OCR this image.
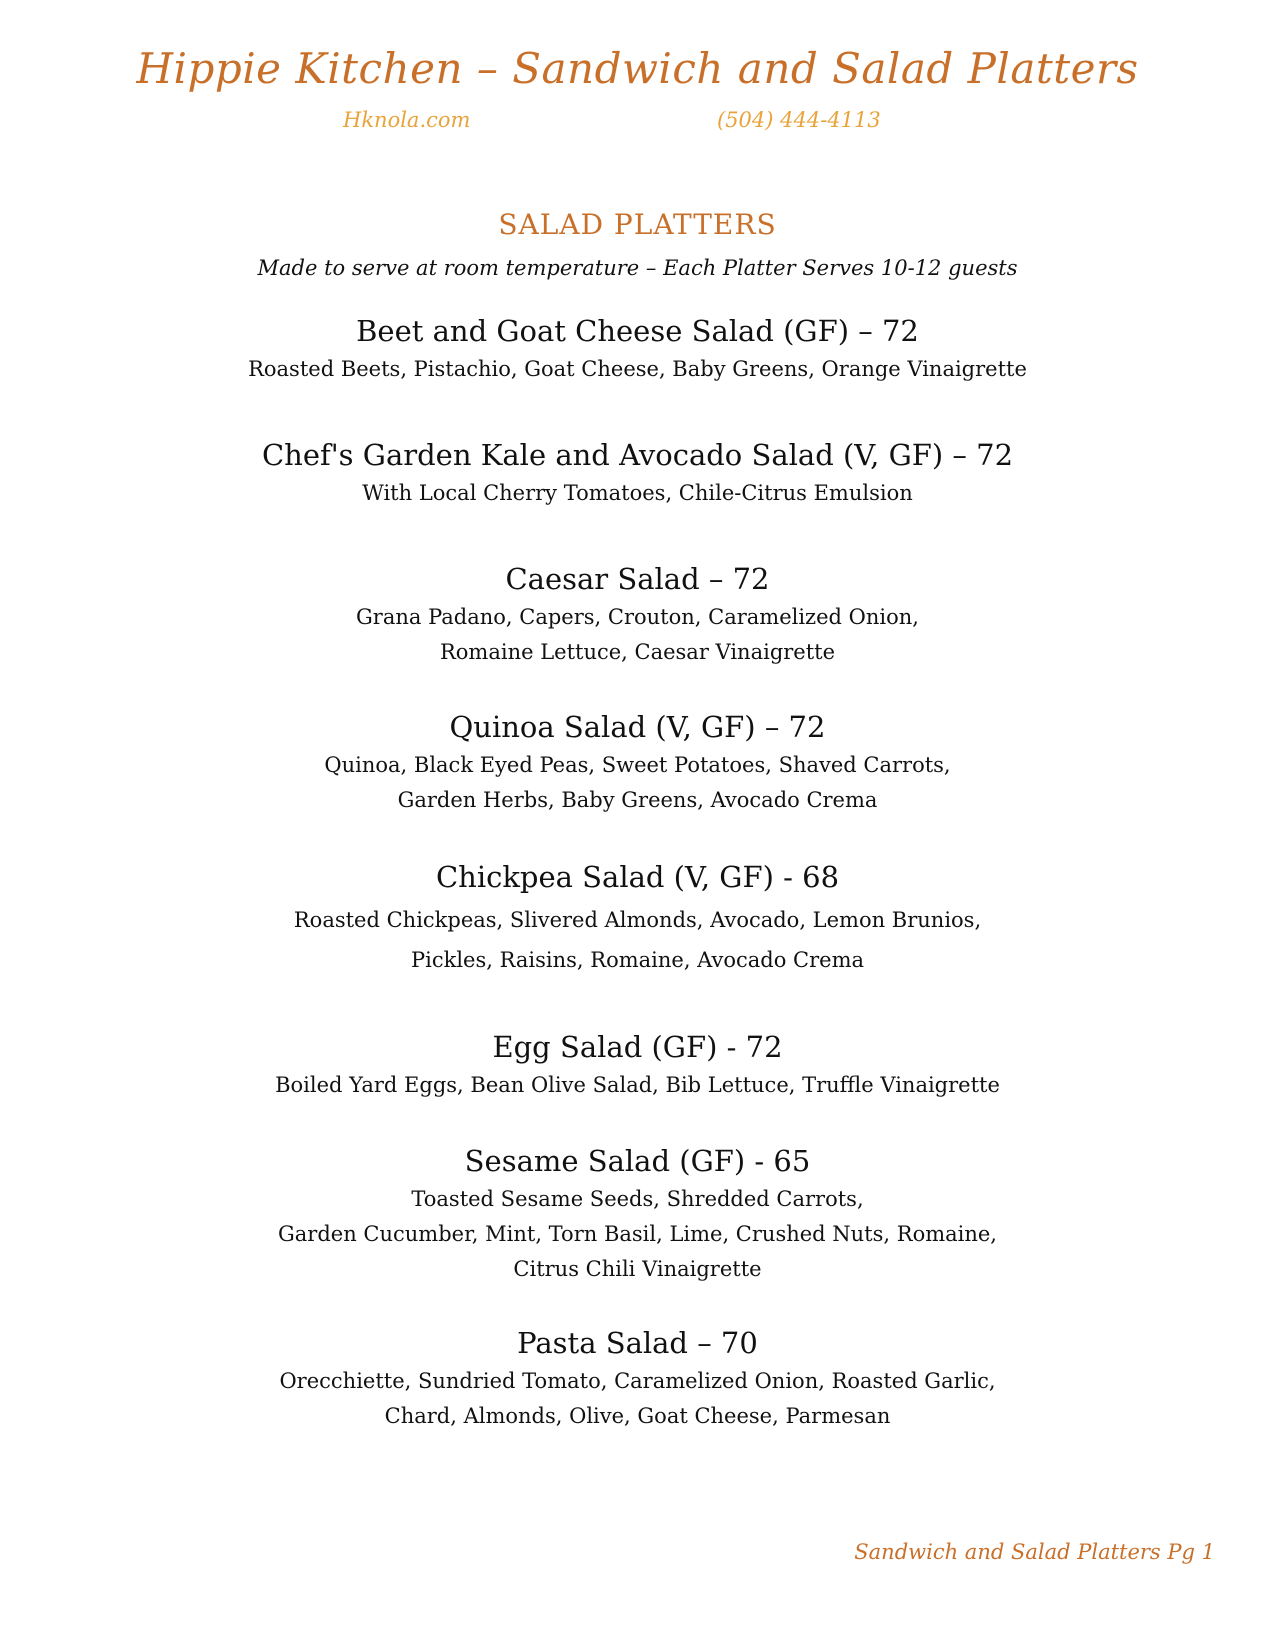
Hippie Kitchen – Sandwich and Salad Platters
Hknola.com	(504) 444-4113
SALAD PLATTERS
Made to serve at room temperature – Each Platter Serves 10-12 guests
Beet and Goat Cheese Salad (GF) – 72
Roasted Beets, Pistachio, Goat Cheese, Baby Greens, Orange Vinaigrette
Chef's Garden Kale and Avocado Salad (V, GF) – 72
With Local Cherry Tomatoes, Chile-Citrus Emulsion
Caesar Salad – 72
Grana Padano, Capers, Crouton, Caramelized Onion,
Romaine Lettuce, Caesar Vinaigrette
Quinoa Salad (V, GF) – 72
Quinoa, Black Eyed Peas, Sweet Potatoes, Shaved Carrots,
Garden Herbs, Baby Greens, Avocado Crema
Chickpea Salad (V, GF) - 68
Roasted Chickpeas, Slivered Almonds, Avocado, Lemon Brunios,
Pickles, Raisins, Romaine, Avocado Crema
Egg Salad (GF) - 72
Boiled Yard Eggs, Bean Olive Salad, Bib Lettuce, Truffle Vinaigrette
Sesame Salad (GF) - 65
Toasted Sesame Seeds, Shredded Carrots,
Garden Cucumber, Mint, Torn Basil, Lime, Crushed Nuts, Romaine,
Citrus Chili Vinaigrette
Pasta Salad – 70
Orecchiette, Sundried Tomato, Caramelized Onion, Roasted Garlic,
Chard, Almonds, Olive, Goat Cheese, Parmesan
Sandwich and Salad Platters Pg 1
